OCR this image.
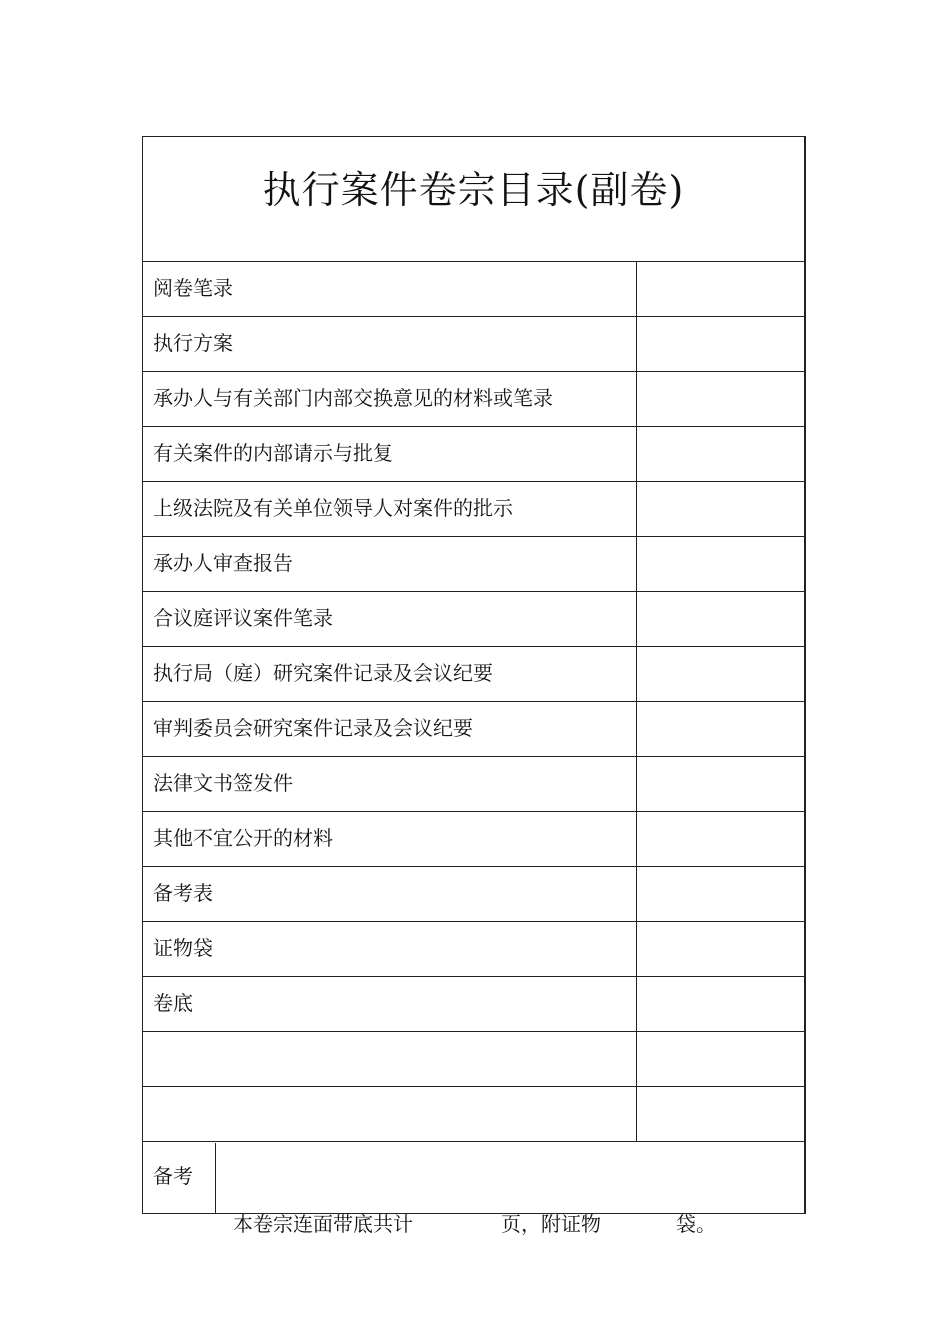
执行案件卷宗目录(副卷)
阅卷笔录
执行方案
承办人与有关部门内部交换意见的材料或笔录
有关案件的内部请示与批复
上级法院及有关单位领导人对案件的批示
承办人审查报告
合议庭评议案件笔录
执行局（庭）研究案件记录及会议纪要
审判委员会研究案件记录及会议纪要
法律文书签发件
其他不宜公开的材料
备考表
证物袋
卷底
备考
本卷宗连面带底共计	页，附证物	袋。
